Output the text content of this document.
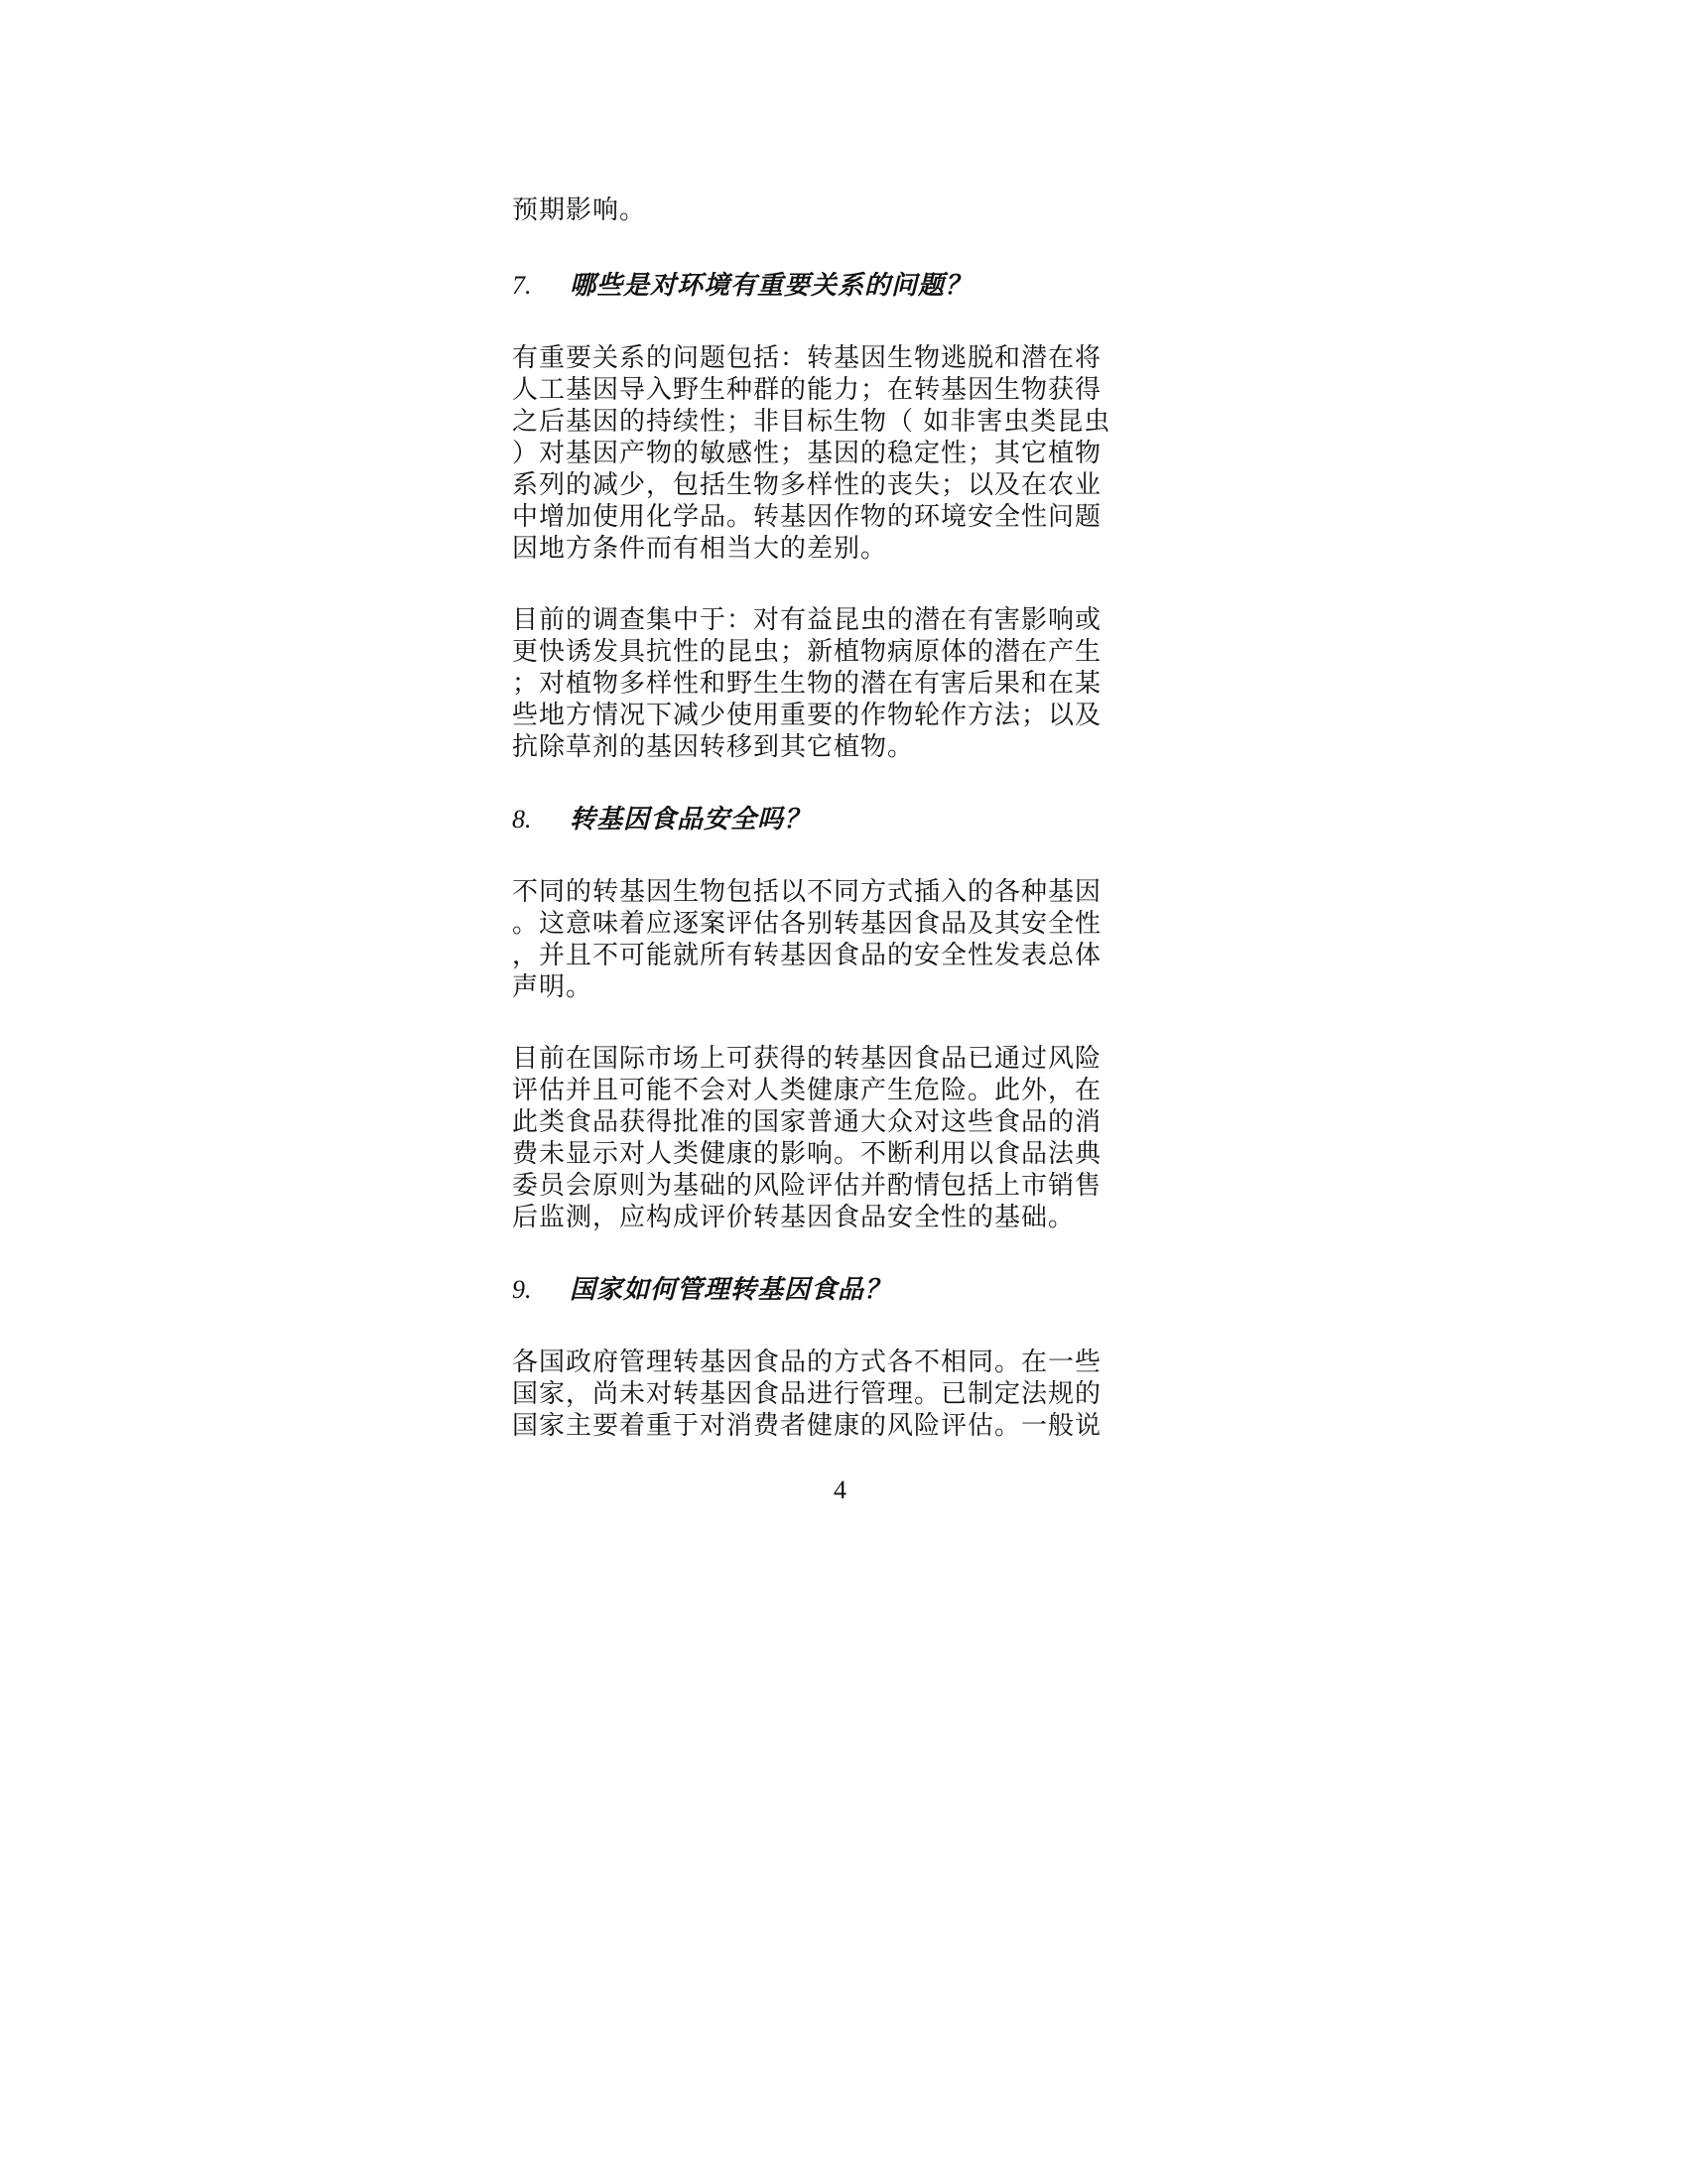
预期影响。

7.	哪些是对环境有重要关系的问题？

有重要关系的问题包括：转基因生物逃脱和潜在将
人工基因导入野生种群的能力；在转基因生物获得
之后基因的持续性；非目标生物（ 如非害虫类昆虫
）对基因产物的敏感性；基因的稳定性；其它植物
系列的减少，包括生物多样性的丧失；以及在农业
中增加使用化学品。转基因作物的环境安全性问题
因地方条件而有相当大的差别。

目前的调查集中于：对有益昆虫的潜在有害影响或
更快诱发具抗性的昆虫；新植物病原体的潜在产生
；对植物多样性和野生生物的潜在有害后果和在某
些地方情况下减少使用重要的作物轮作方法；以及
抗除草剂的基因转移到其它植物。

8.	转基因食品安全吗？

不同的转基因生物包括以不同方式插入的各种基因
。这意味着应逐案评估各别转基因食品及其安全性
，并且不可能就所有转基因食品的安全性发表总体
声明。

目前在国际市场上可获得的转基因食品已通过风险
评估并且可能不会对人类健康产生危险。此外，在
此类食品获得批准的国家普通大众对这些食品的消
费未显示对人类健康的影响。不断利用以食品法典
委员会原则为基础的风险评估并酌情包括上市销售
后监测，应构成评价转基因食品安全性的基础。

9.	国家如何管理转基因食品？

各国政府管理转基因食品的方式各不相同。在一些
国家，尚未对转基因食品进行管理。已制定法规的
国家主要着重于对消费者健康的风险评估。一般说

4
